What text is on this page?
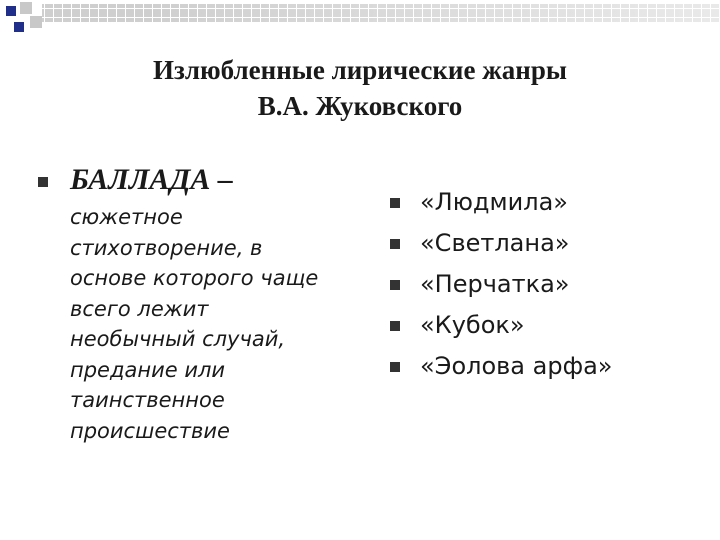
Излюбленные лирические жанры
В.А. Жуковского
БАЛЛАДА –
сюжетное
стихотворение, в
основе которого чаще
всего лежит
необычный случай,
предание или
таинственное
происшествие
«Людмила»
«Светлана»
«Перчатка»
«Кубок»
«Эолова арфа»
